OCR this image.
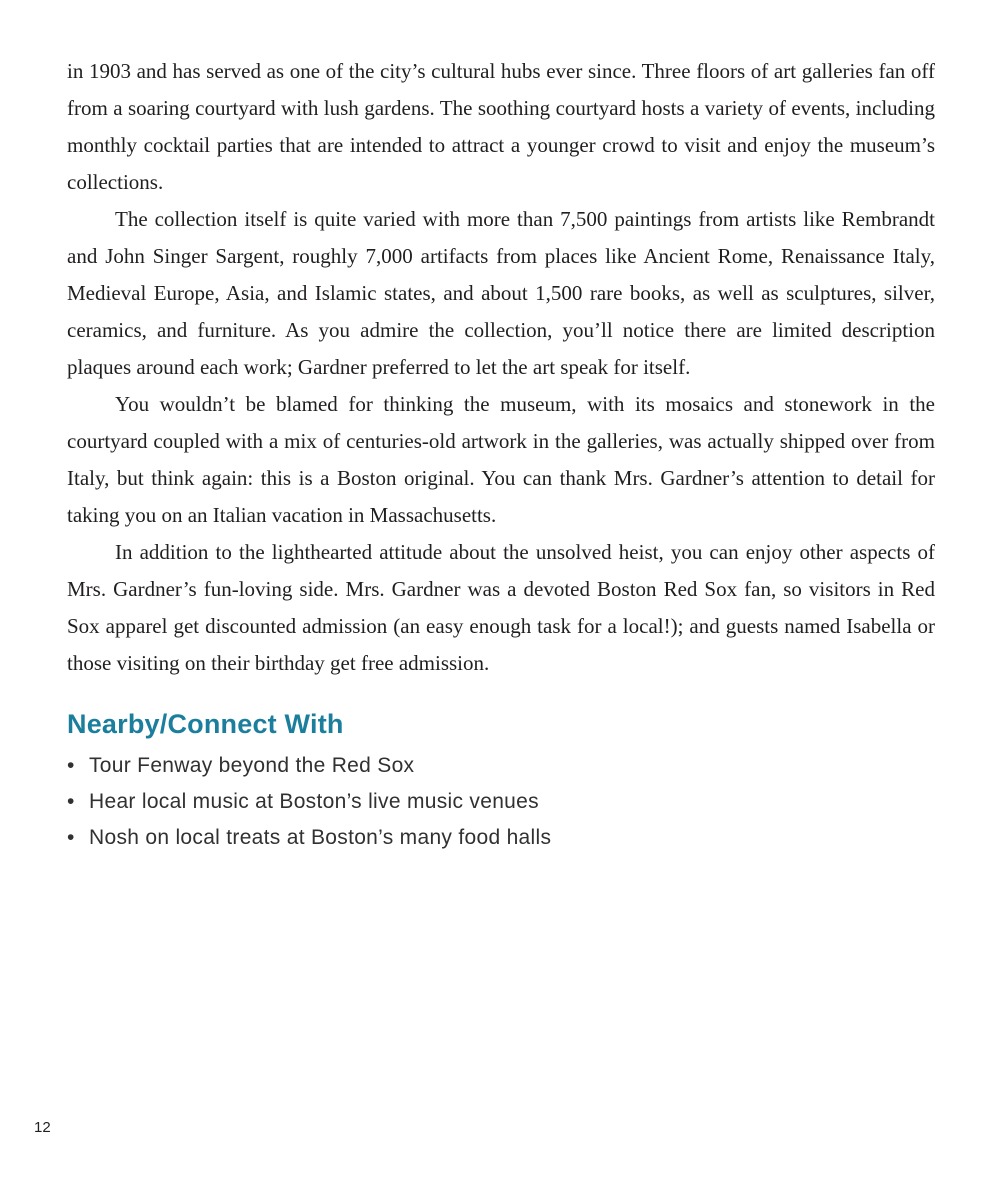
in 1903 and has served as one of the city’s cultural hubs ever since. Three floors of art galleries fan off from a soaring courtyard with lush gardens. The soothing courtyard hosts a variety of events, including monthly cocktail parties that are intended to attract a younger crowd to visit and enjoy the museum’s collections.

The collection itself is quite varied with more than 7,500 paintings from artists like Rembrandt and John Singer Sargent, roughly 7,000 artifacts from places like Ancient Rome, Renaissance Italy, Medieval Europe, Asia, and Islamic states, and about 1,500 rare books, as well as sculptures, silver, ceramics, and furniture. As you admire the collection, you’ll notice there are limited description plaques around each work; Gardner preferred to let the art speak for itself.

You wouldn’t be blamed for thinking the museum, with its mosaics and stonework in the courtyard coupled with a mix of centuries-old artwork in the galleries, was actually shipped over from Italy, but think again: this is a Boston original. You can thank Mrs. Gardner’s attention to detail for taking you on an Italian vacation in Massachusetts.

In addition to the lighthearted attitude about the unsolved heist, you can enjoy other aspects of Mrs. Gardner’s fun-loving side. Mrs. Gardner was a devoted Boston Red Sox fan, so visitors in Red Sox apparel get discounted admission (an easy enough task for a local!); and guests named Isabella or those visiting on their birthday get free admission.

Nearby/Connect With
• Tour Fenway beyond the Red Sox
• Hear local music at Boston’s live music venues
• Nosh on local treats at Boston’s many food halls
12
